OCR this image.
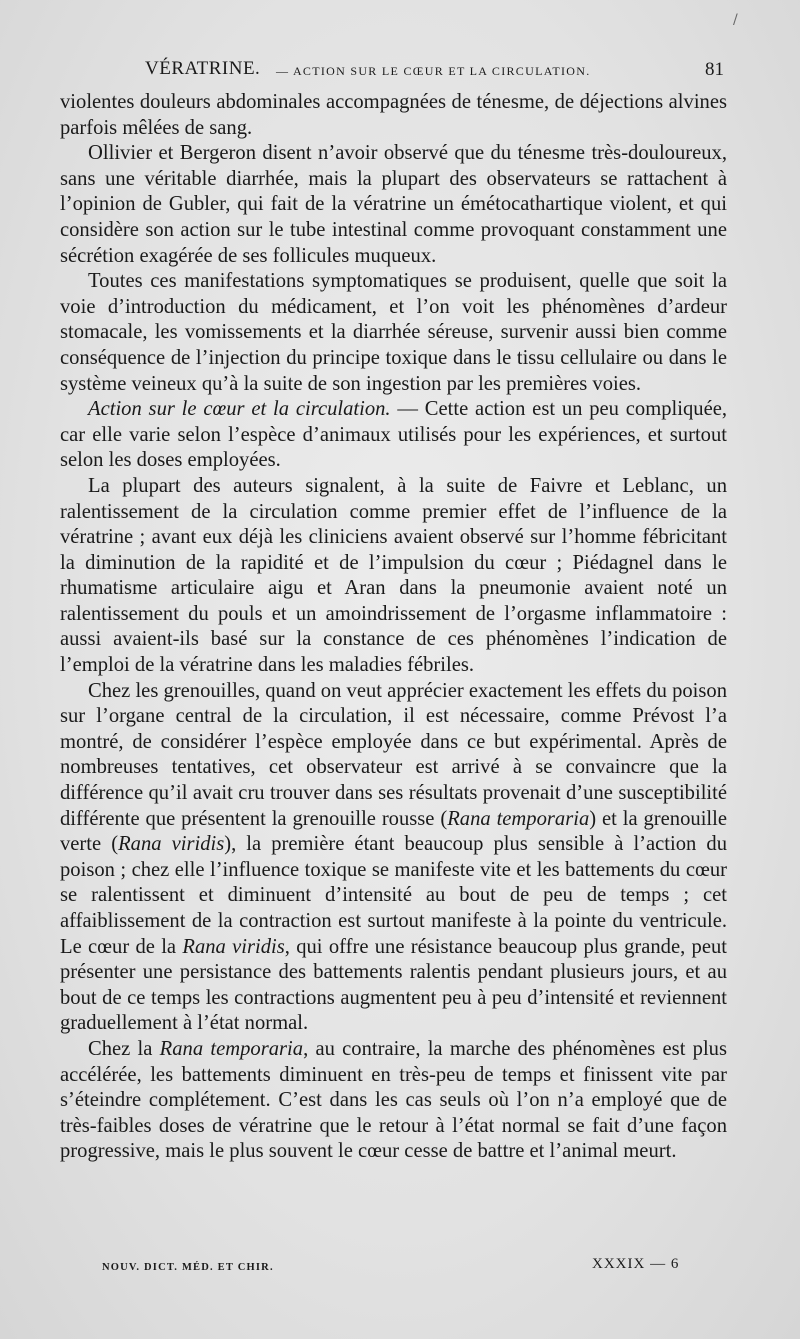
/
VÉRATRINE. — ACTION SUR LE CŒUR ET LA CIRCULATION.	81

violentes douleurs abdominales accompagnées de ténesme, de déjections alvines parfois mêlées de sang.

Ollivier et Bergeron disent n’avoir observé que du ténesme très-douloureux, sans une véritable diarrhée, mais la plupart des observateurs se rattachent à l’opinion de Gubler, qui fait de la vératrine un émétocathartique violent, et qui considère son action sur le tube intestinal comme provoquant constamment une sécrétion exagérée de ses follicules muqueux.

Toutes ces manifestations symptomatiques se produisent, quelle que soit la voie d’introduction du médicament, et l’on voit les phénomènes d’ardeur stomacale, les vomissements et la diarrhée séreuse, survenir aussi bien comme conséquence de l’injection du principe toxique dans le tissu cellulaire ou dans le système veineux qu’à la suite de son ingestion par les premières voies.

Action sur le cœur et la circulation. — Cette action est un peu compliquée, car elle varie selon l’espèce d’animaux utilisés pour les expériences, et surtout selon les doses employées.

La plupart des auteurs signalent, à la suite de Faivre et Leblanc, un ralentissement de la circulation comme premier effet de l’influence de la vératrine ; avant eux déjà les cliniciens avaient observé sur l’homme fébricitant la diminution de la rapidité et de l’impulsion du cœur ; Piédagnel dans le rhumatisme articulaire aigu et Aran dans la pneumonie avaient noté un ralentissement du pouls et un amoindrissement de l’orgasme inflammatoire : aussi avaient-ils basé sur la constance de ces phénomènes l’indication de l’emploi de la vératrine dans les maladies fébriles.

Chez les grenouilles, quand on veut apprécier exactement les effets du poison sur l’organe central de la circulation, il est nécessaire, comme Prévost l’a montré, de considérer l’espèce employée dans ce but expérimental. Après de nombreuses tentatives, cet observateur est arrivé à se convaincre que la différence qu’il avait cru trouver dans ses résultats provenait d’une susceptibilité différente que présentent la grenouille rousse (Rana temporaria) et la grenouille verte (Rana viridis), la première étant beaucoup plus sensible à l’action du poison ; chez elle l’influence toxique se manifeste vite et les battements du cœur se ralentissent et diminuent d’intensité au bout de peu de temps ; cet affaiblissement de la contraction est surtout manifeste à la pointe du ventricule. Le cœur de la Rana viridis, qui offre une résistance beaucoup plus grande, peut présenter une persistance des battements ralentis pendant plusieurs jours, et au bout de ce temps les contractions augmentent peu à peu d’intensité et reviennent graduellement à l’état normal.

Chez la Rana temporaria, au contraire, la marche des phénomènes est plus accélérée, les battements diminuent en très-peu de temps et finissent vite par s’éteindre complétement. C’est dans les cas seuls où l’on n’a employé que de très-faibles doses de vératrine que le retour à l’état normal se fait d’une façon progressive, mais le plus souvent le cœur cesse de battre et l’animal meurt.

NOUV. DICT. MÉD. ET CHIR.	XXXIX — 6
